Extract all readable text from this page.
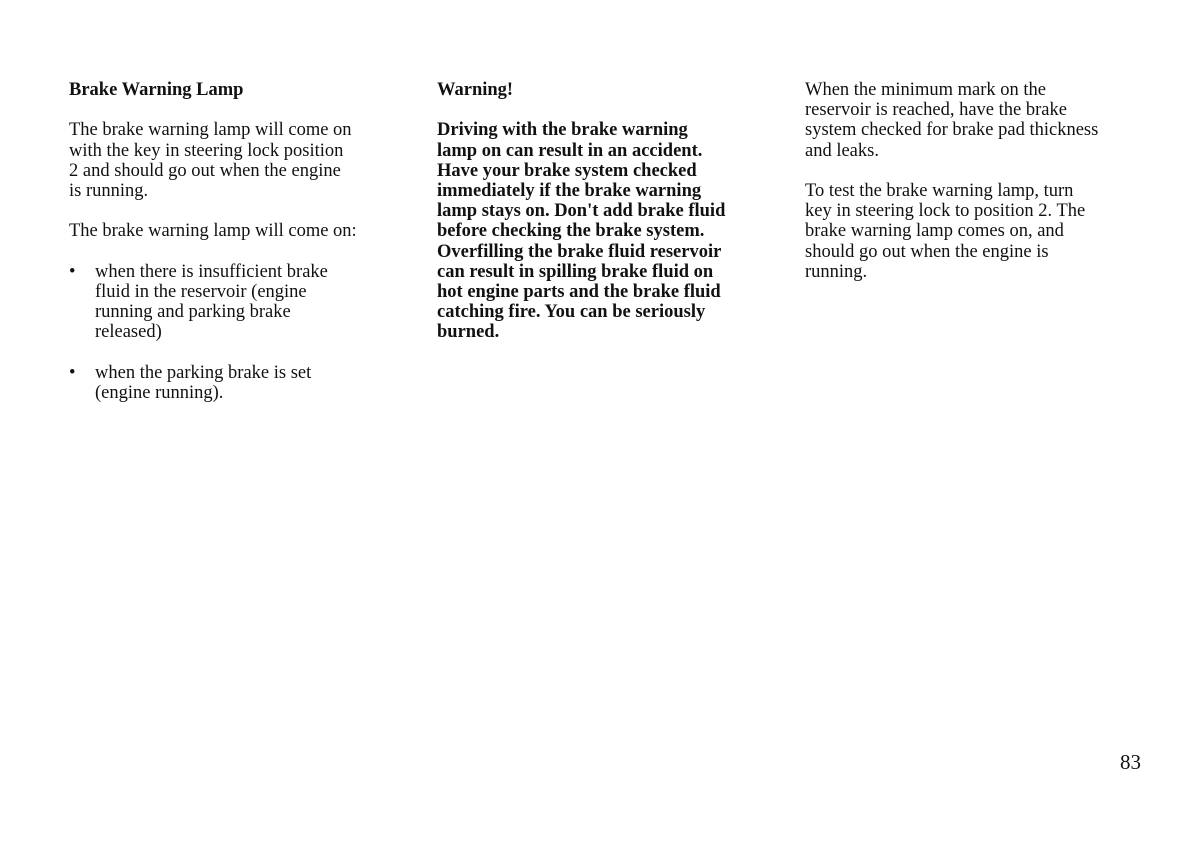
Brake Warning Lamp

The brake warning lamp will come on
with the key in steering lock position
2 and should go out when the engine
is running.

The brake warning lamp will come on:

• when there is insufficient brake
fluid in the reservoir (engine
running and parking brake
released)
• when the parking brake is set
(engine running).
Warning!

Driving with the brake warning
lamp on can result in an accident.
Have your brake system checked
immediately if the brake warning
lamp stays on. Don't add brake fluid
before checking the brake system.
Overfilling the brake fluid reservoir
can result in spilling brake fluid on
hot engine parts and the brake fluid
catching fire. You can be seriously
burned.

When the minimum mark on the
reservoir is reached, have the brake
system checked for brake pad thickness
and leaks.

To test the brake warning lamp, turn
key in steering lock to position 2. The
brake warning lamp comes on, and
should go out when the engine is
running.

83
